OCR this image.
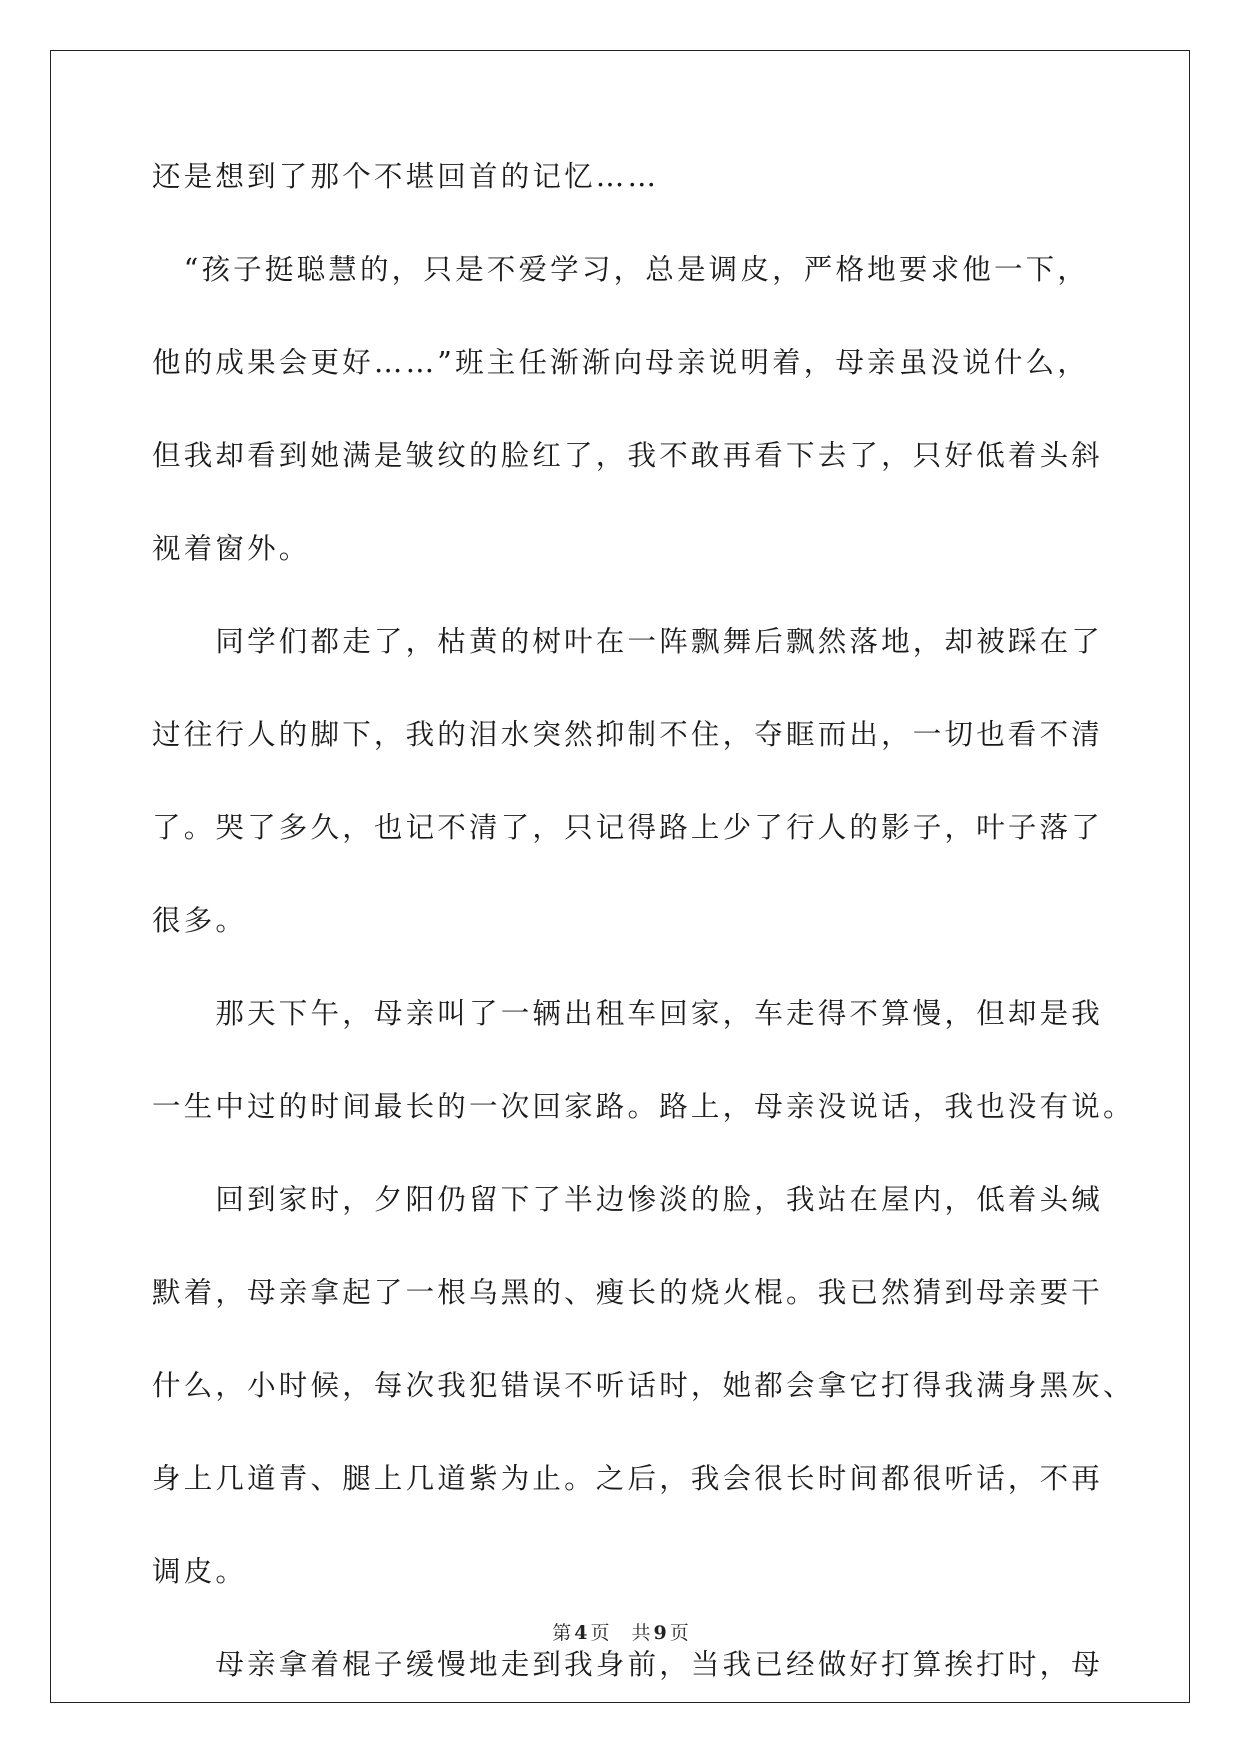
还是想到了那个不堪回首的记忆……
　“孩子挺聪慧的，只是不爱学习，总是调皮，严格地要求他一下，
他的成果会更好……”班主任渐渐向母亲说明着，母亲虽没说什么，
但我却看到她满是皱纹的脸红了，我不敢再看下去了，只好低着头斜
视着窗外。
　　同学们都走了，枯黄的树叶在一阵飘舞后飘然落地，却被踩在了
过往行人的脚下，我的泪水突然抑制不住，夺眶而出，一切也看不清
了。哭了多久，也记不清了，只记得路上少了行人的影子，叶子落了
很多。
　　那天下午，母亲叫了一辆出租车回家，车走得不算慢，但却是我
一生中过的时间最长的一次回家路。路上，母亲没说话，我也没有说。
　　回到家时，夕阳仍留下了半边惨淡的脸，我站在屋内，低着头缄
默着，母亲拿起了一根乌黑的、瘦长的烧火棍。我已然猜到母亲要干
什么，小时候，每次我犯错误不听话时，她都会拿它打得我满身黑灰、
身上几道青、腿上几道紫为止。之后，我会很长时间都很听话，不再
调皮。
　　母亲拿着棍子缓慢地走到我身前，当我已经做好打算挨打时，母
第 4 页 共 9 页
